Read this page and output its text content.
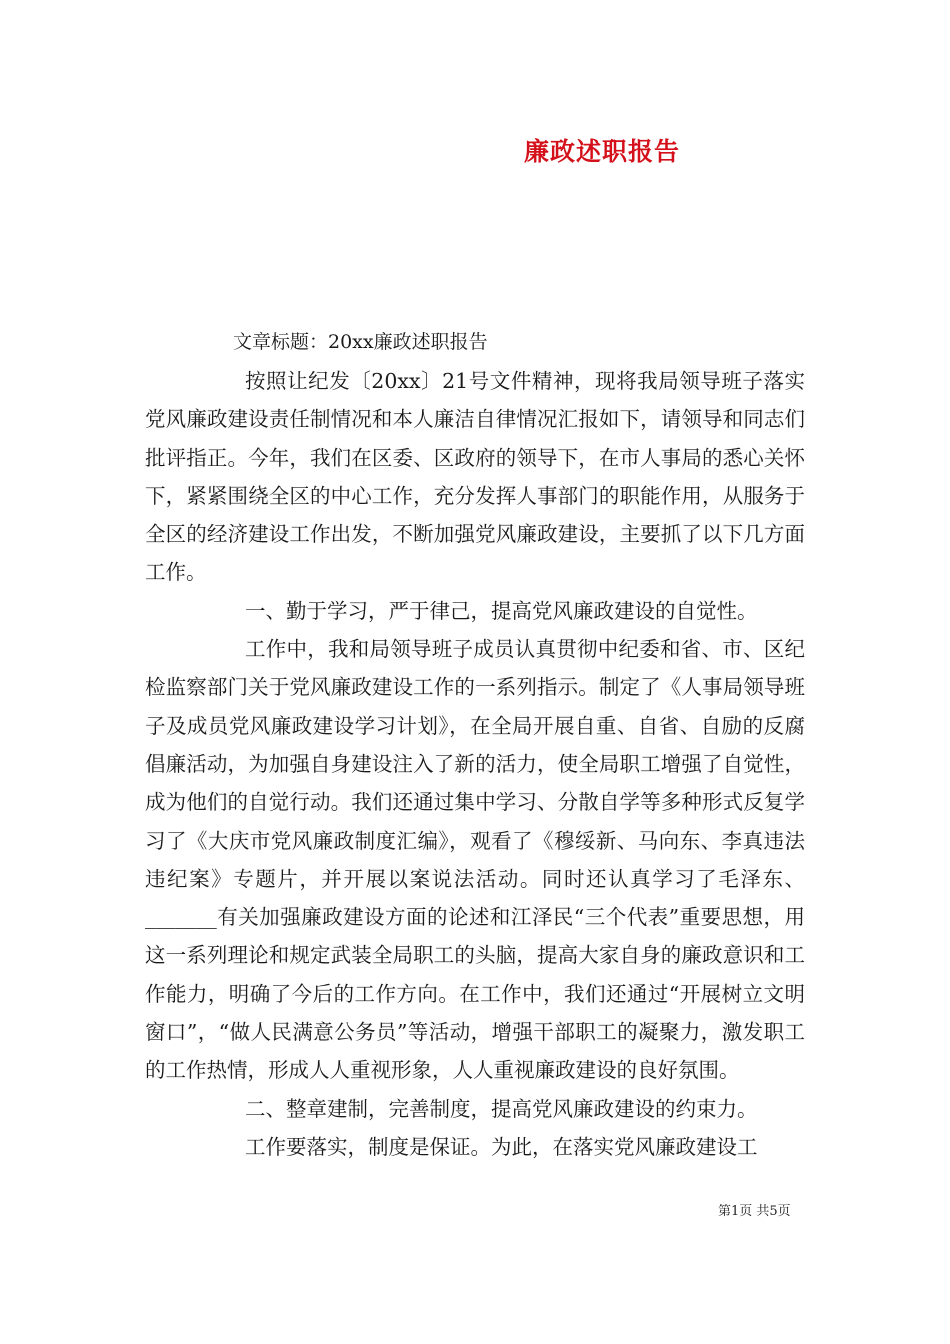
廉政述职报告
文章标题：20xx廉政述职报告

按照让纪发〔20xx〕21号文件精神，现将我局领导班子落实党风廉政建设责任制情况和本人廉洁自律情况汇报如下，请领导和同志们批评指正。今年，我们在区委、区政府的领导下，在市人事局的悉心关怀下，紧紧围绕全区的中心工作，充分发挥人事部门的职能作用，从服务于全区的经济建设工作出发，不断加强党风廉政建设，主要抓了以下几方面工作。

一、勤于学习，严于律己，提高党风廉政建设的自觉性。

工作中，我和局领导班子成员认真贯彻中纪委和省、市、区纪检监察部门关于党风廉政建设工作的一系列指示。制定了《人事局领导班子及成员党风廉政建设学习计划》，在全局开展自重、自省、自励的反腐倡廉活动，为加强自身建设注入了新的活力，使全局职工增强了自觉性，成为他们的自觉行动。我们还通过集中学习、分散自学等多种形式反复学习了《大庆市党风廉政制度汇编》，观看了《穆绥新、马向东、李真违法违纪案》专题片，并开展以案说法活动。同时还认真学习了毛泽东、_______有关加强廉政建设方面的论述和江泽民“三个代表”重要思想，用这一系列理论和规定武装全局职工的头脑，提高大家自身的廉政意识和工作能力，明确了今后的工作方向。在工作中，我们还通过“开展树立文明窗口”，“做人民满意公务员”等活动，增强干部职工的凝聚力，激发职工的工作热情，形成人人重视形象，人人重视廉政建设的良好氛围。

二、整章建制，完善制度，提高党风廉政建设的约束力。

工作要落实，制度是保证。为此，在落实党风廉政建设工

第1页 共5页
